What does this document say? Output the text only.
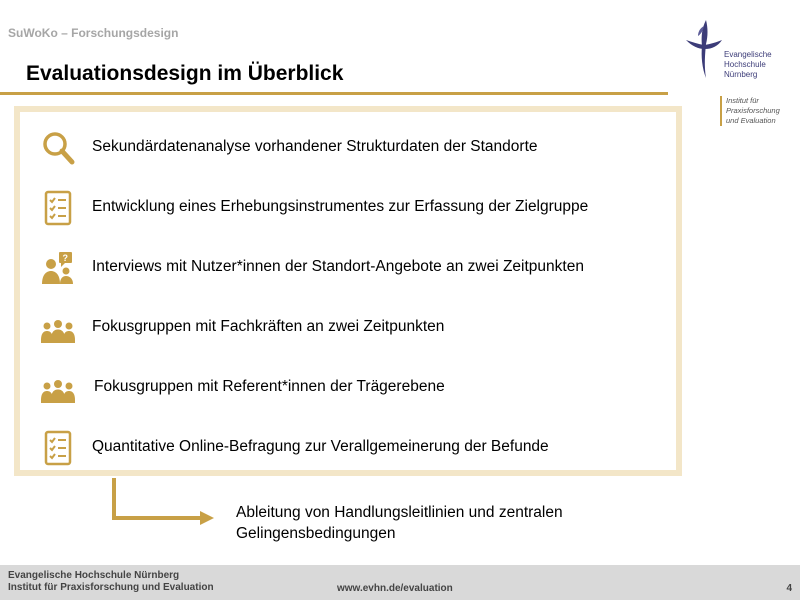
SuWoKo – Forschungsdesign
Evaluationsdesign im Überblick
Evangelische
Hochschule
Nürnberg
Institut für
Praxisforschung
und Evaluation
Sekundärdatenanalyse vorhandener Strukturdaten der Standorte
Entwicklung eines Erhebungsinstrumentes zur Erfassung der Zielgruppe
? Interviews mit Nutzer*innen der Standort-Angebote an zwei Zeitpunkten
Fokusgruppen mit Fachkräften an zwei Zeitpunkten
Fokusgruppen mit Referent*innen der Trägerebene
Quantitative Online-Befragung zur Verallgemeinerung der Befunde
Ableitung von Handlungsleitlinien und zentralen
Gelingensbedingungen
Evangelische Hochschule Nürnberg
Institut für Praxisforschung und Evaluation	www.evhn.de/evaluation	4
